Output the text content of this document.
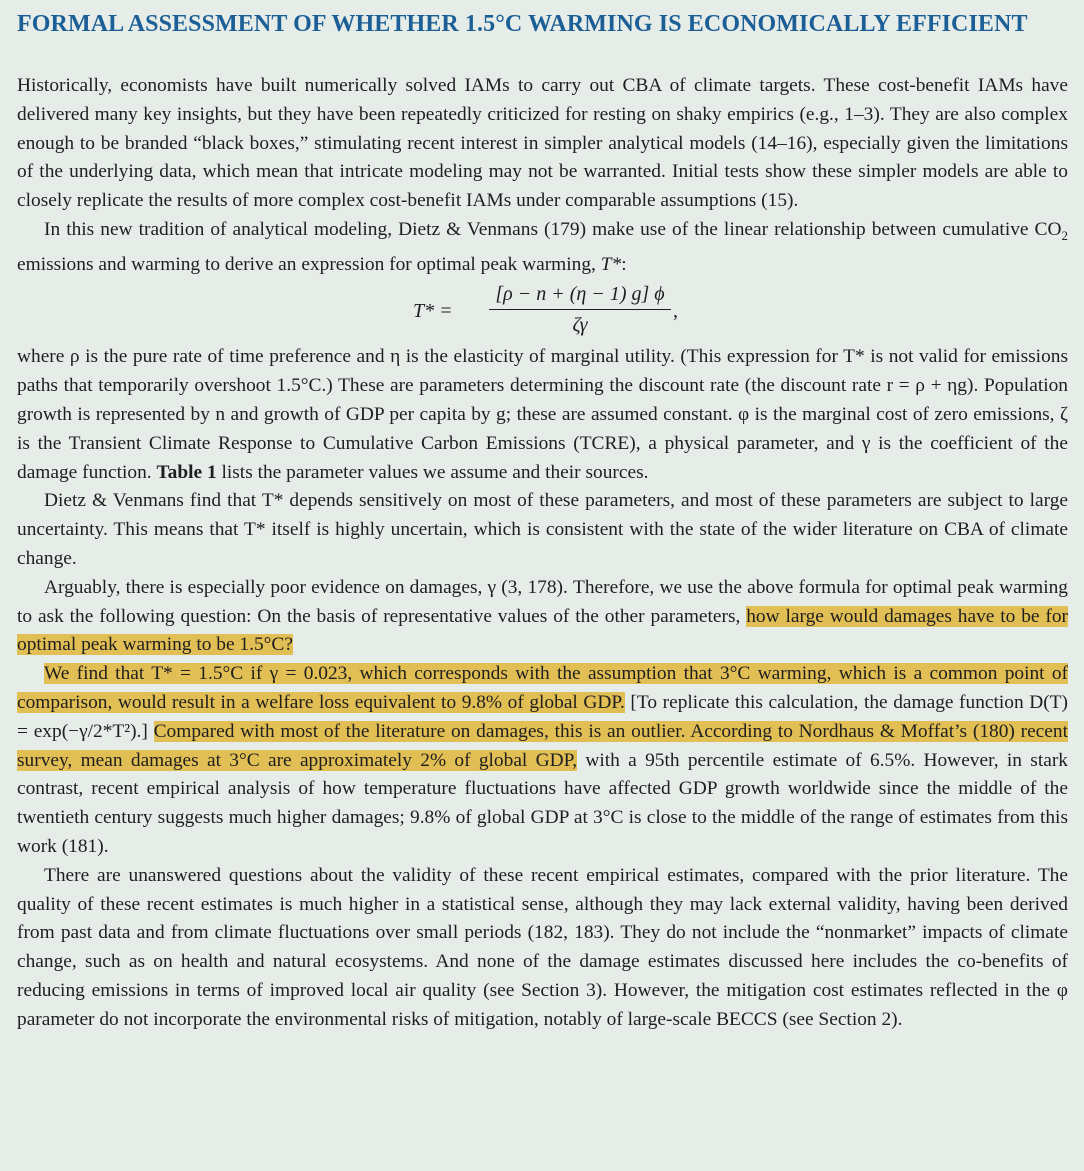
FORMAL ASSESSMENT OF WHETHER 1.5°C WARMING IS ECONOMICALLY EFFICIENT

Historically, economists have built numerically solved IAMs to carry out CBA of climate targets. These cost-benefit IAMs have delivered many key insights, but they have been repeatedly criticized for resting on shaky empirics (e.g., 1–3). They are also complex enough to be branded “black boxes,” stimulating recent interest in simpler analytical models (14–16), especially given the limitations of the underlying data, which mean that intricate modeling may not be warranted. Initial tests show these simpler models are able to closely replicate the results of more complex cost-benefit IAMs under comparable assumptions (15).

In this new tradition of analytical modeling, Dietz & Venmans (179) make use of the linear relationship between cumulative $CO_2$ emissions and warming to derive an expression for optimal peak warming, T*:

T* =
[ρ − n + (η − 1) g] ϕ
ζγ
,

where ρ is the pure rate of time preference and η is the elasticity of marginal utility. (This expression for T* is not valid for emissions paths that temporarily overshoot 1.5°C.) These are parameters determining the discount rate (the discount rate r = ρ + ηg). Population growth is represented by n and growth of GDP per capita by g; these are assumed constant. φ is the marginal cost of zero emissions, ζ is the Transient Climate Response to Cumulative Carbon Emissions (TCRE), a physical parameter, and γ is the coefficient of the damage function. Table 1 lists the parameter values we assume and their sources.

Dietz & Venmans find that T* depends sensitively on most of these parameters, and most of these parameters are subject to large uncertainty. This means that T* itself is highly uncertain, which is consistent with the state of the wider literature on CBA of climate change.

Arguably, there is especially poor evidence on damages, γ (3, 178). Therefore, we use the above formula for optimal peak warming to ask the following question: On the basis of representative values of the other parameters, how large would damages have to be for optimal peak warming to be 1.5°C?

We find that T* = 1.5°C if γ = 0.023, which corresponds with the assumption that 3°C warming, which is a common point of comparison, would result in a welfare loss equivalent to 9.8% of global GDP. [To replicate this calculation, the damage function D(T) = exp(−γ/2*T²).] Compared with most of the literature on damages, this is an outlier. According to Nordhaus & Moffat’s (180) recent survey, mean damages at 3°C are approximately 2% of global GDP, with a 95th percentile estimate of 6.5%. However, in stark contrast, recent empirical analysis of how temperature fluctuations have affected GDP growth worldwide since the middle of the twentieth century suggests much higher damages; 9.8% of global GDP at 3°C is close to the middle of the range of estimates from this work (181).

There are unanswered questions about the validity of these recent empirical estimates, compared with the prior literature. The quality of these recent estimates is much higher in a statistical sense, although they may lack external validity, having been derived from past data and from climate fluctuations over small periods (182, 183). They do not include the “nonmarket” impacts of climate change, such as on health and natural ecosystems. And none of the damage estimates discussed here includes the co-benefits of reducing emissions in terms of improved local air quality (see Section 3). However, the mitigation cost estimates reflected in the φ parameter do not incorporate the environmental risks of mitigation, notably of large-scale BECCS (see Section 2).
